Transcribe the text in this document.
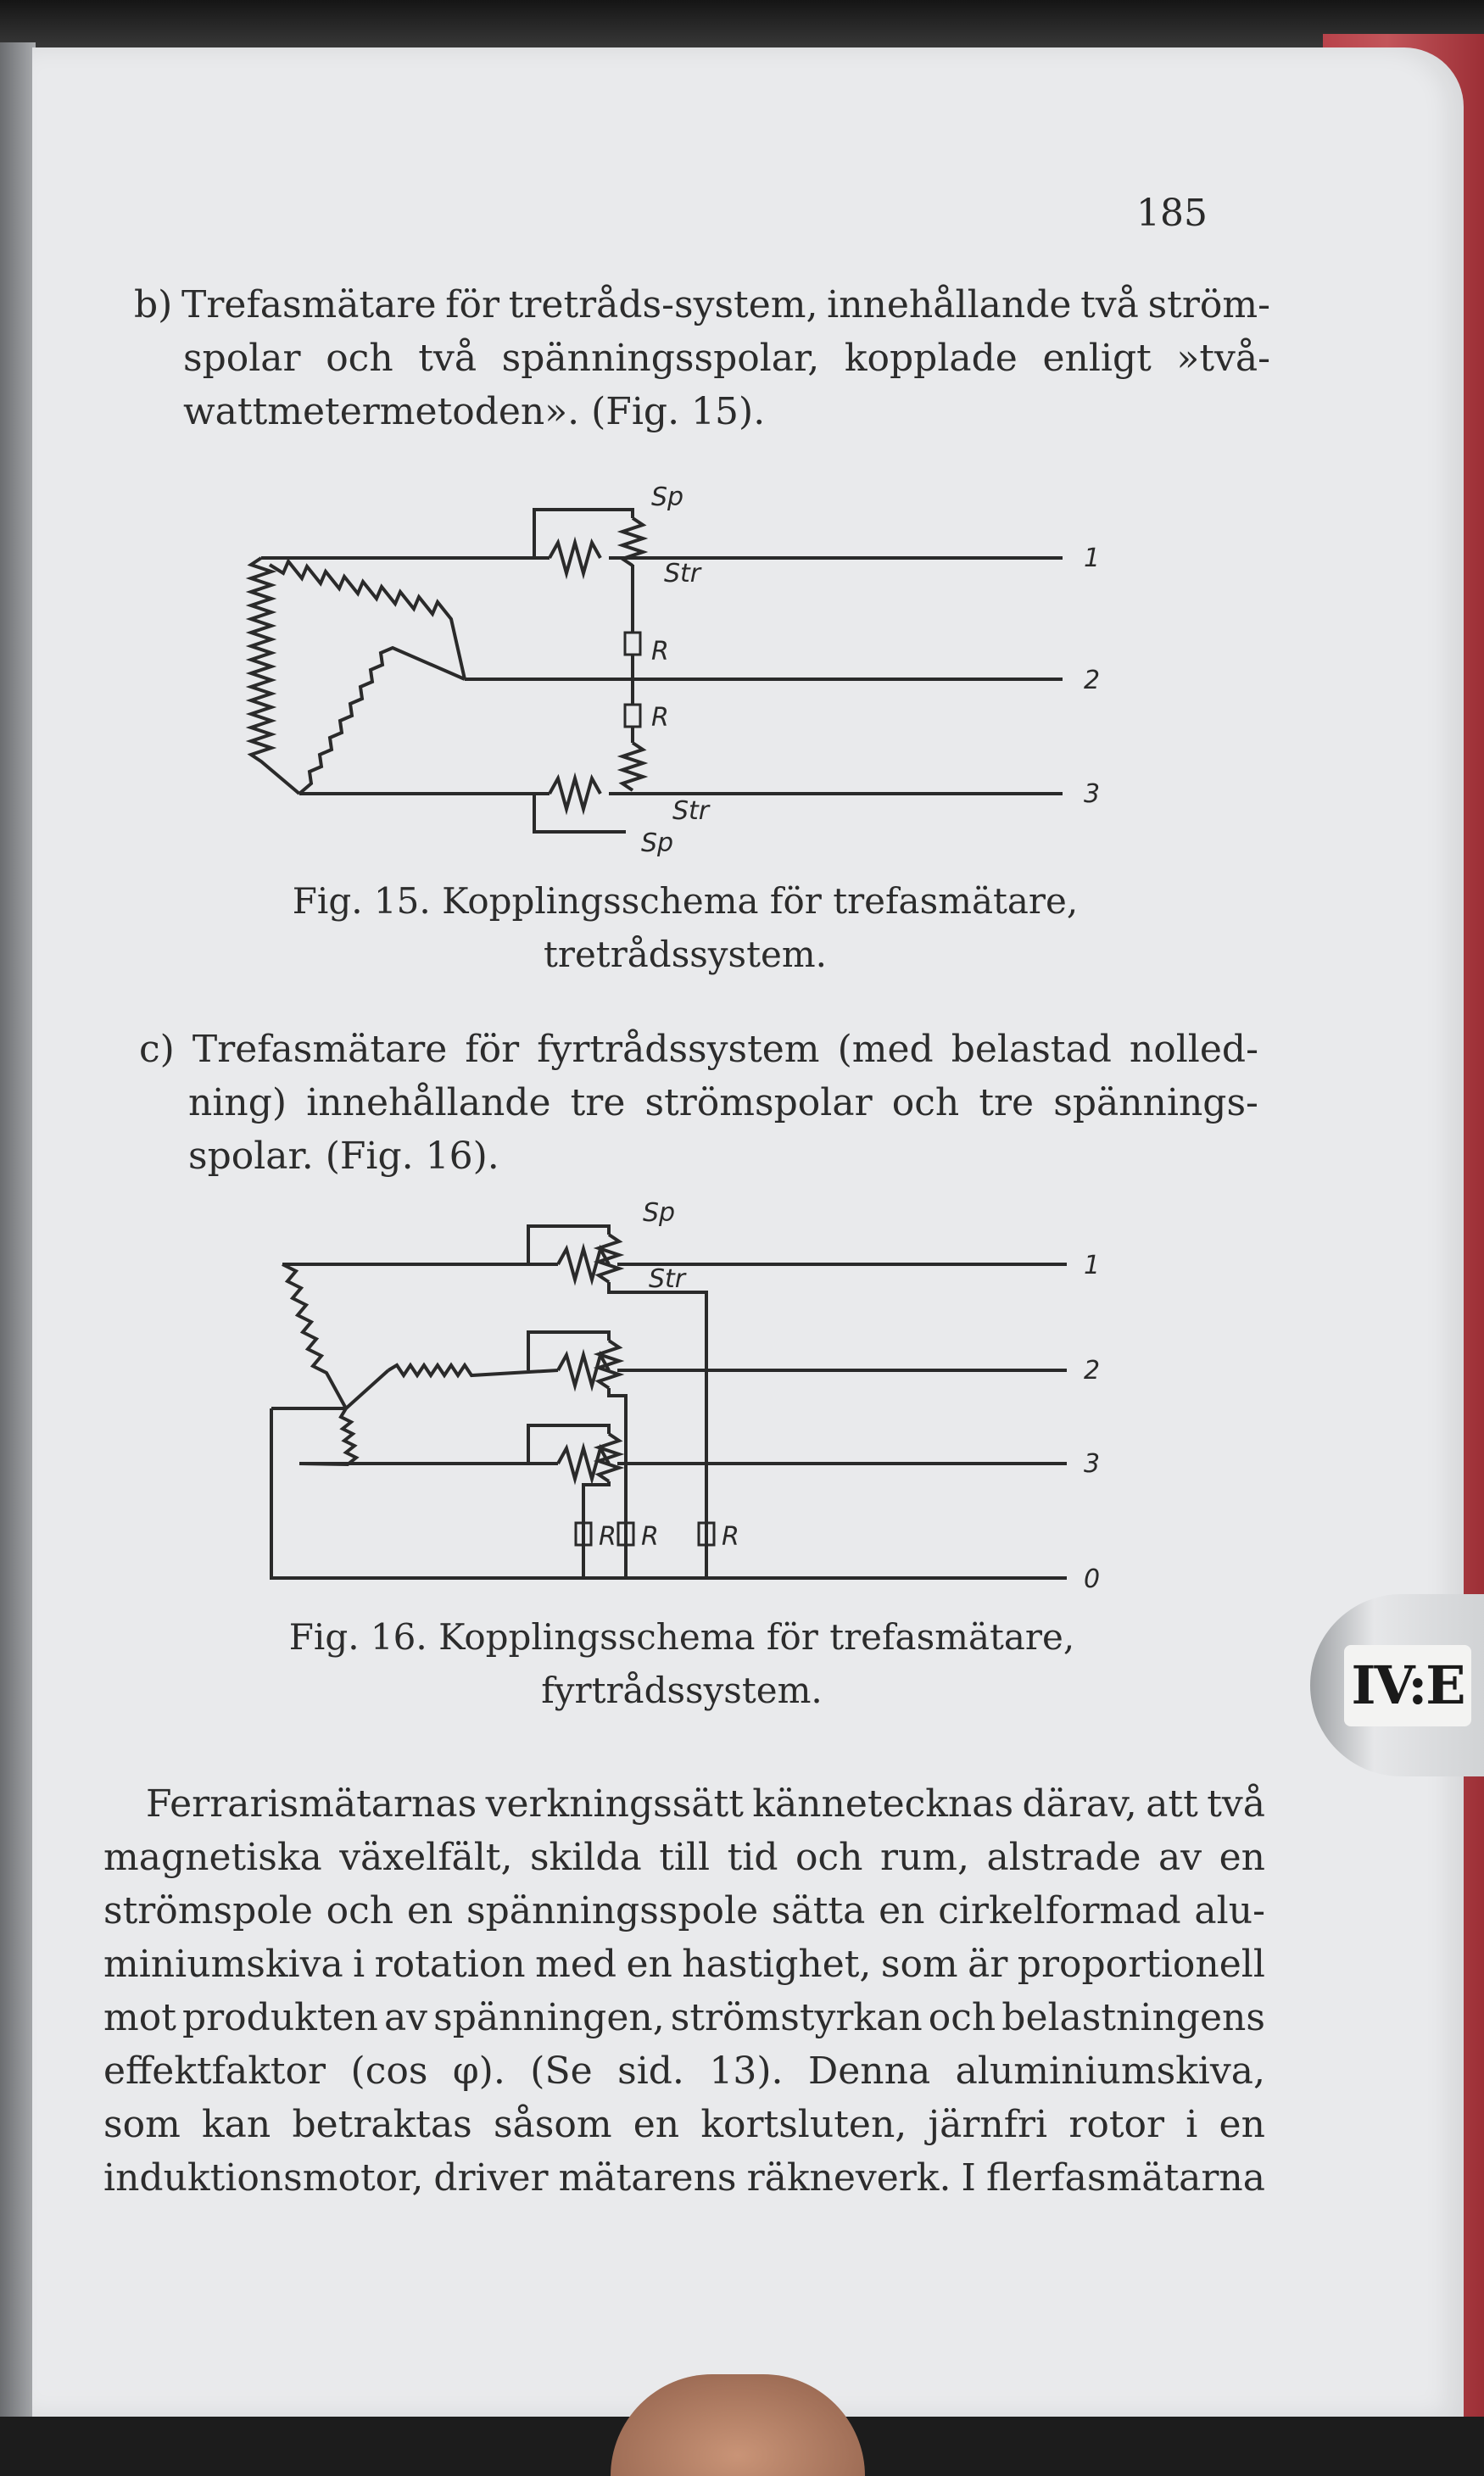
185
b) Trefasmätare för tretråds-system, innehållande två ström-
spolar och två spänningsspolar, kopplade enligt »två-
wattmetermetoden». (Fig. 15).
Sp
Str
R
R
Str
Sp
1
2
3
Fig. 15. Kopplingsschema för trefasmätare,
tretrådssystem.
c) Trefasmätare för fyrtrådssystem (med belastad nolled-
ning) innehållande tre strömspolar och tre spännings-
spolar. (Fig. 16).
Sp
Str
R R R
1
2
3
0
Fig. 16. Kopplingsschema för trefasmätare,
fyrtrådssystem.
Ferrarismätarnas verkningssätt kännetecknas därav, att två
magnetiska växelfält, skilda till tid och rum, alstrade av en
strömspole och en spänningsspole sätta en cirkelformad alu-
miniumskiva i rotation med en hastighet, som är proportionell
mot produkten av spänningen, strömstyrkan och belastningens
effektfaktor (cos φ). (Se sid. 13). Denna aluminiumskiva,
som kan betraktas såsom en kortsluten, järnfri rotor i en
induktionsmotor, driver mätarens räkneverk. I flerfasmätarna
IV:E
